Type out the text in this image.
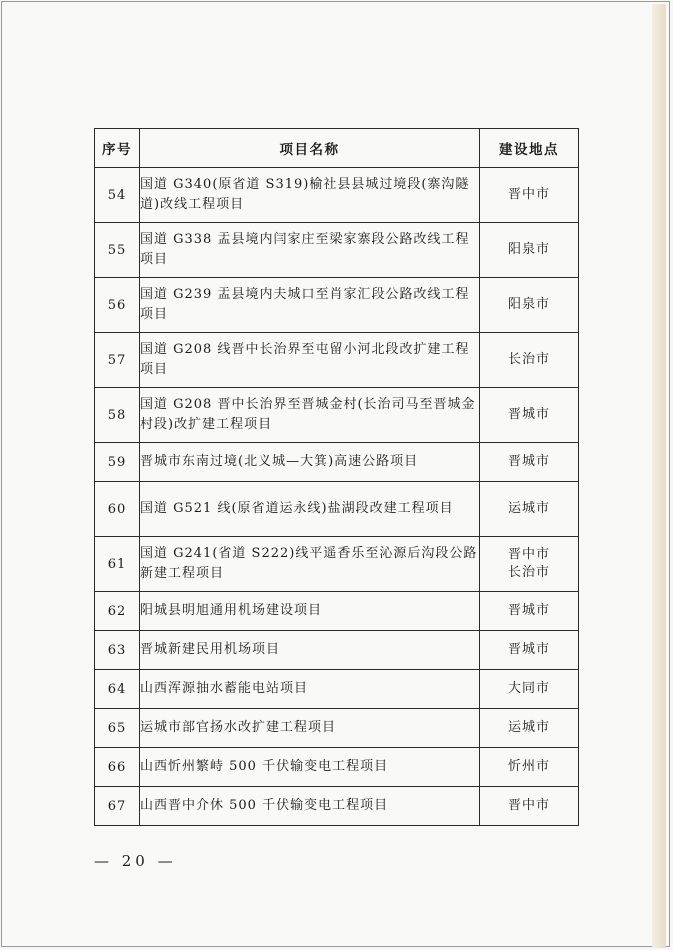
序号	项目名称	建设地点
54	国道 G340(原省道 S319)榆社县县城过境段(寨沟隧道)改线工程项目	晋中市

55	国道 G338 盂县境内闫家庄至梁家寨段公路改线工程项目	阳泉市

56	国道 G239 盂县境内夫城口至肖家汇段公路改线工程项目	阳泉市

57	国道 G208 线晋中长治界至屯留小河北段改扩建工程项目	长治市

58	国道 G208 晋中长治界至晋城金村(长治司马至晋城金村段)改扩建工程项目	晋城市

59	晋城市东南过境(北义城—大箕)高速公路项目	晋城市

60	国道 G521 线(原省道运永线)盐湖段改建工程项目	运城市

61	国道 G241(省道 S222)线平遥香乐至沁源后沟段公路新建工程项目	晋中市
长治市

62	阳城县明旭通用机场建设项目	晋城市

63	晋城新建民用机场项目	晋城市

64	山西浑源抽水蓄能电站项目	大同市

65	运城市部官扬水改扩建工程项目	运城市

66	山西忻州繁峙 500 千伏输变电工程项目	忻州市

67	山西晋中介休 500 千伏输变电工程项目	晋中市
— 20 —
